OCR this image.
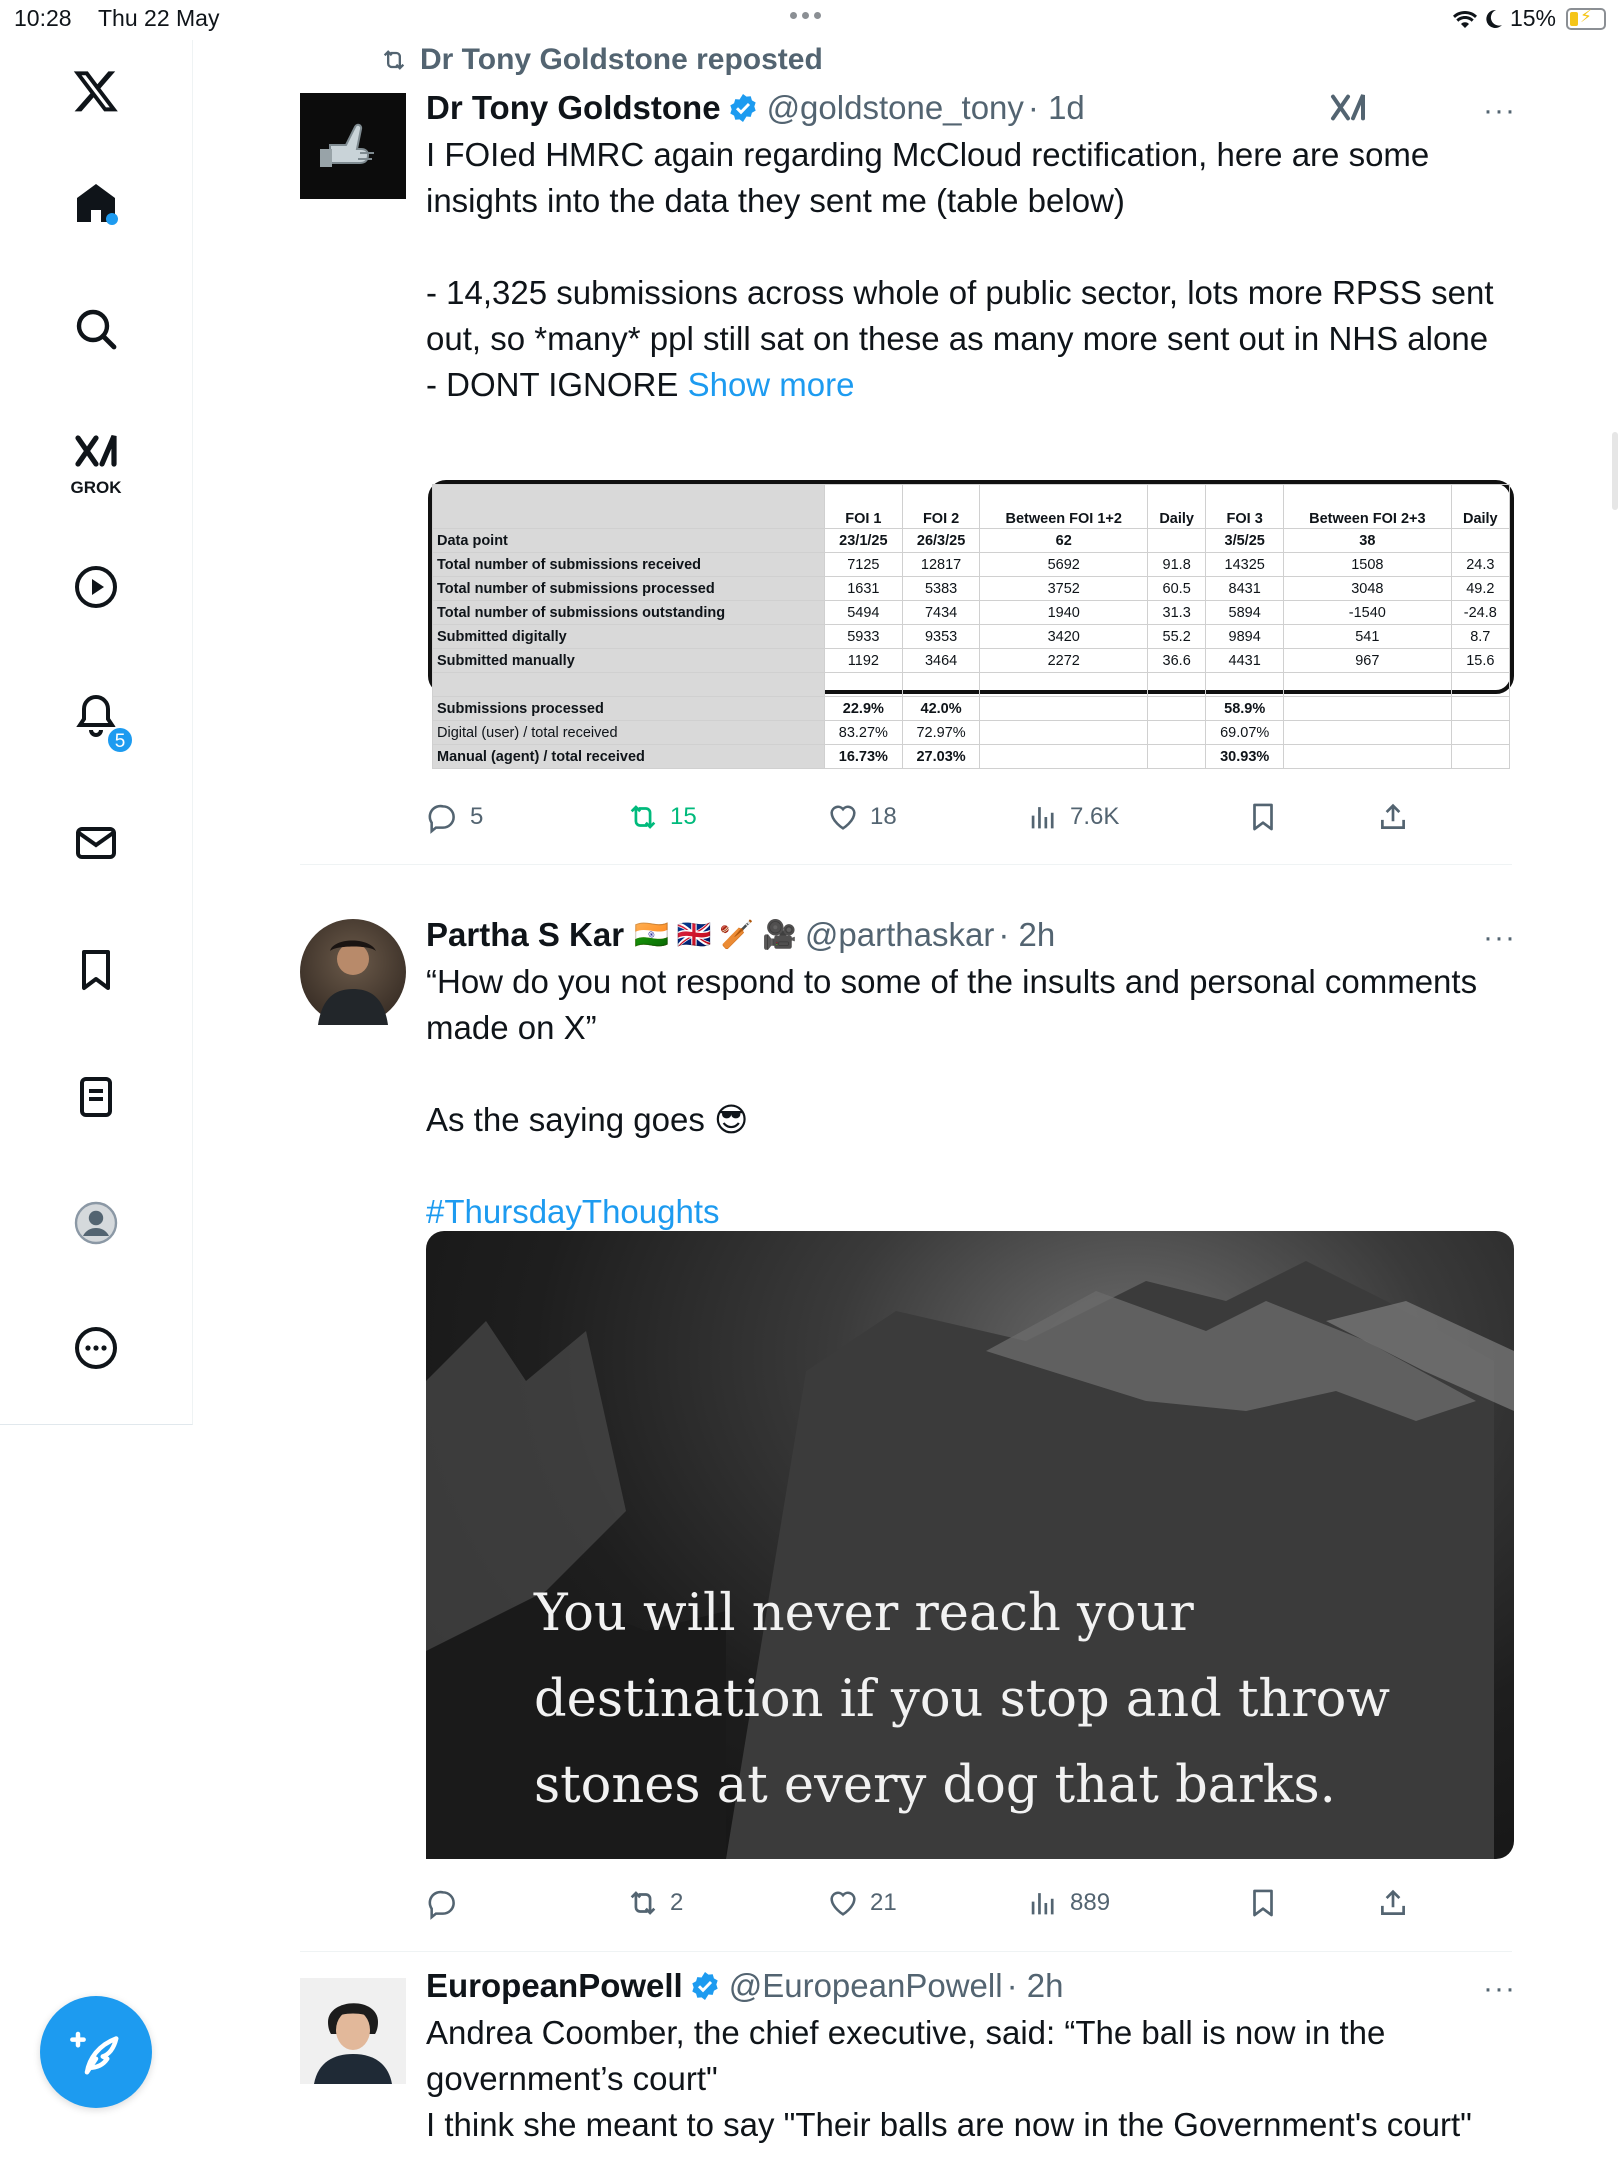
10:28 Thu 22 May	15% ⚡
GROK
5
Dr Tony Goldstone reposted
Dr Tony Goldstone @goldstone_tony · 1d	···
I FOIed HMRC again regarding McCloud rectification, here are some insights into the data they sent me (table below)

- 14,325 submissions across whole of public sector, lots more RPSS sent out, so *many* ppl still sat on these as many more sent out in NHS alone
- DONT IGNORE Show more
	FOI 1	FOI 2	Between FOI 1+2	Daily	FOI 3	Between FOI 2+3	Daily
Data point	23/1/25	26/3/25	62		3/5/25	38	
Total number of submissions received	7125	12817	5692	91.8	14325	1508	24.3
Total number of submissions processed	1631	5383	3752	60.5	8431	3048	49.2
Total number of submissions outstanding	5494	7434	1940	31.3	5894	-1540	-24.8
Submitted digitally	5933	9353	3420	55.2	9894	541	8.7
Submitted manually	1192	3464	2272	36.6	4431	967	15.6

Submissions processed	22.9%	42.0%			58.9%		
Digital (user) / total received	83.27%	72.97%			69.07%		
Manual (agent) / total received	16.73%	27.03%			30.93%		
5	15	18	7.6K
Partha S Kar 🇮🇳 🇬🇧 🏏 🎥 @parthaskar · 2h	···
“How do you not respond to some of the insults and personal comments made on X”

As the saying goes 😎
#ThursdayThoughts
You will never reach your
destination if you stop and throw
stones at every dog that barks.
2	21	889
EuropeanPowell @EuropeanPowell · 2h	···
Andrea Coomber, the chief executive, said: “The ball is now in the government’s court"
I think she meant to say "Their balls are now in the Government's court"
